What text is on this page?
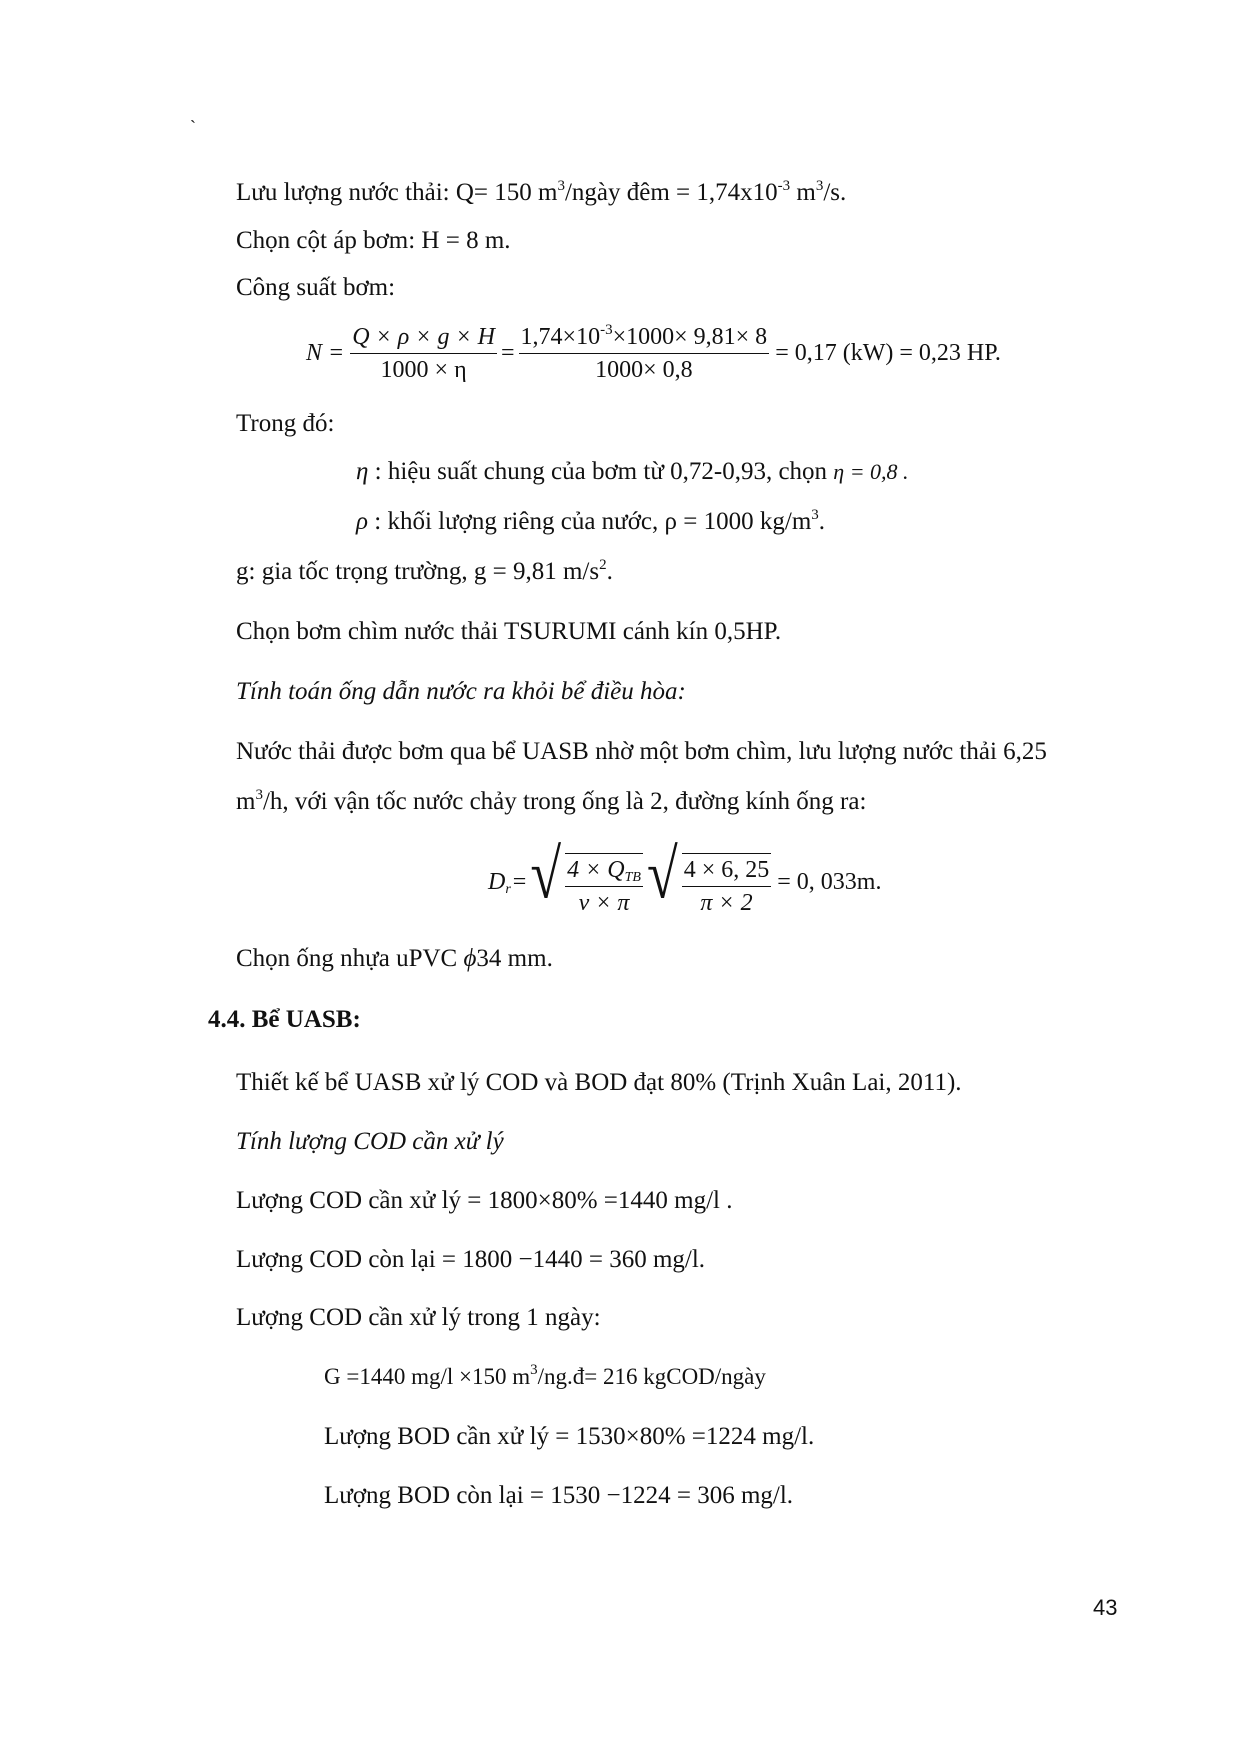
`
Lưu lượng nước thải: Q= 150 $m^3$/ngày đêm = $1,74x10^{-3}$ $m^3/s$.
Chọn cột áp bơm: H = 8 m.
Công suất bơm:
$N = \frac{Q \times \rho \times g \times H}{1000 \times \eta} = \frac{1,74\times 10^{-3}\times 1000\times 9,81\times 8}{1000\times 0,8} = 0,17$ (kW) = 0,23 HP.
Trong đó:
η : hiệu suất chung của bơm từ 0,72-0,93, chọn η = 0,8 .
ρ : khối lượng riêng của nước, ρ = 1000 $kg/m^3$.
g: gia tốc trọng trường, g = 9,81 $m/s^2$.
Chọn bơm chìm nước thải TSURUMI cánh kín 0,5HP.
Tính toán ống dẫn nước ra khỏi bể điều hòa:
Nước thải được bơm qua bể UASB nhờ một bơm chìm, lưu lượng nước thải 6,25
$m^3/h$, với vận tốc nước chảy trong ống là 2, đường kính ống ra:
$D_r$ = √ $\frac{4 \times Q_{TB}}{v \times \pi}$ √ $\frac{4 \times 6, 25}{\pi \times 2} = 0$, 033m.
Chọn ống nhựa uPVC ϕ34 mm.
4.4. Bể UASB:
Thiết kế bể UASB xử lý COD và BOD đạt 80% (Trịnh Xuân Lai, 2011).
Tính lượng COD cần xử lý
Lượng COD cần xử lý = 1800×80% =1440 mg/l .
Lượng COD còn lại = 1800 −1440 = 360 mg/l.
Lượng COD cần xử lý trong 1 ngày:
G =1440 mg/l ×150 $m^3/ng.đ= 216$ kgCOD/ngày
Lượng BOD cần xử lý = 1530×80% =1224 mg/l.
Lượng BOD còn lại = 1530 −1224 = 306 mg/l.
43
